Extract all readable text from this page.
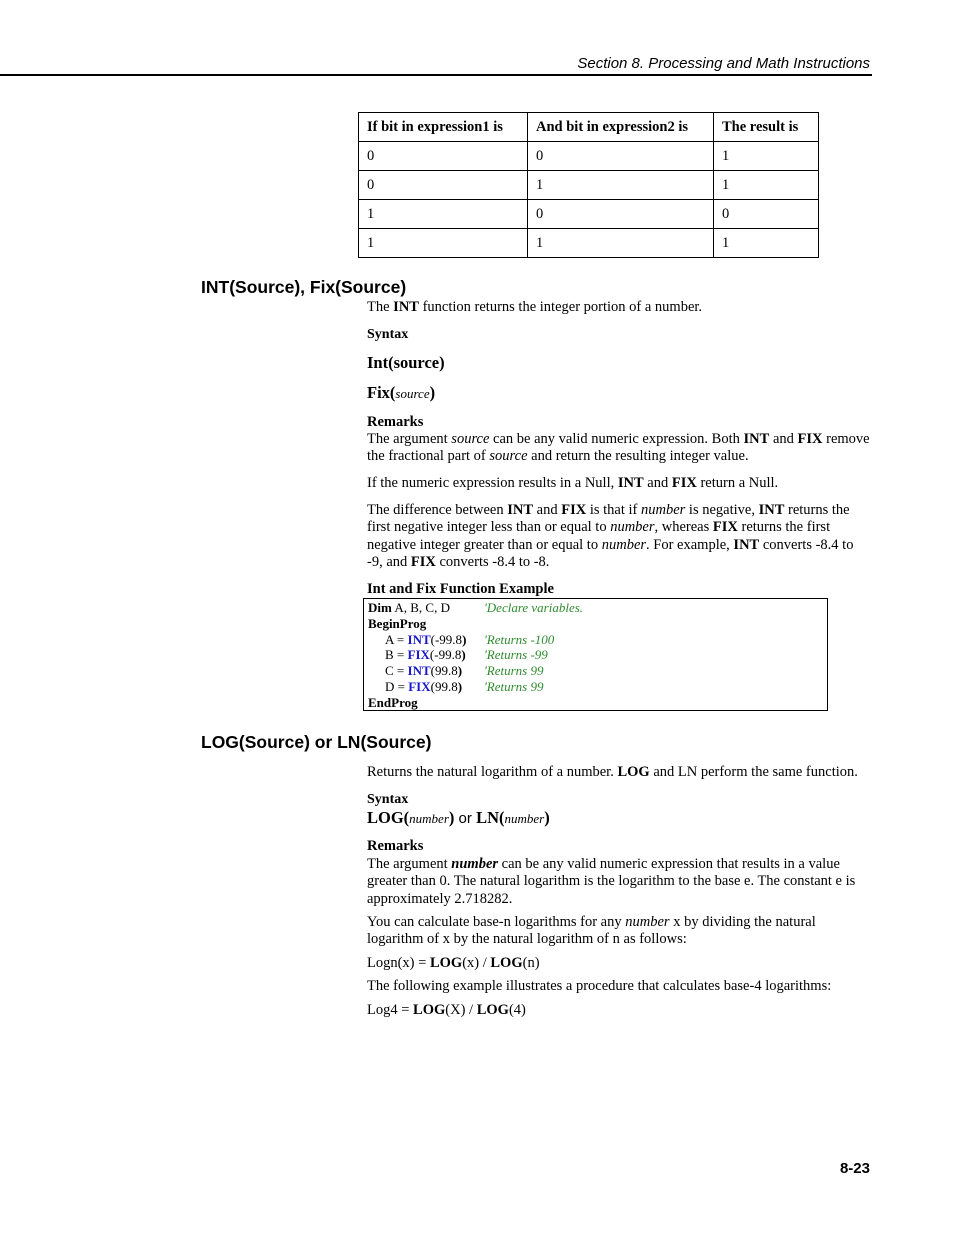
Section 8. Processing and Math Instructions
If bit in expression1 is	And bit in expression2 is	The result is
0	0	1
0	1	1
1	0	0
1	1	1
INT(Source), Fix(Source)
The INT function returns the integer portion of a number.
Syntax
Int(source)
Fix(source)
Remarks
The argument source can be any valid numeric expression. Both INT and FIX remove the fractional part of source and return the resulting integer value.
If the numeric expression results in a Null, INT and FIX return a Null.
The difference between INT and FIX is that if number is negative, INT returns the first negative integer less than or equal to number, whereas FIX returns the first negative integer greater than or equal to number. For example, INT converts -8.4 to -9, and FIX converts -8.4 to -8.
Int and Fix Function Example
Dim A, B, C, D	'Declare variables.
BeginProg
A = INT(-99.8) 'Returns -100
B = FIX(-99.8) 'Returns -99
C = INT(99.8) 'Returns 99
D = FIX(99.8) 'Returns 99
EndProg
LOG(Source) or LN(Source)
Returns the natural logarithm of a number. LOG and LN perform the same function.
Syntax
LOG(number) or LN(number)
Remarks
The argument number can be any valid numeric expression that results in a value greater than 0. The natural logarithm is the logarithm to the base e. The constant e is approximately 2.718282.
You can calculate base-n logarithms for any number x by dividing the natural logarithm of x by the natural logarithm of n as follows:
Logn(x) = LOG(x) / LOG(n)
The following example illustrates a procedure that calculates base-4 logarithms:
Log4 = LOG(X) / LOG(4)
8-23
